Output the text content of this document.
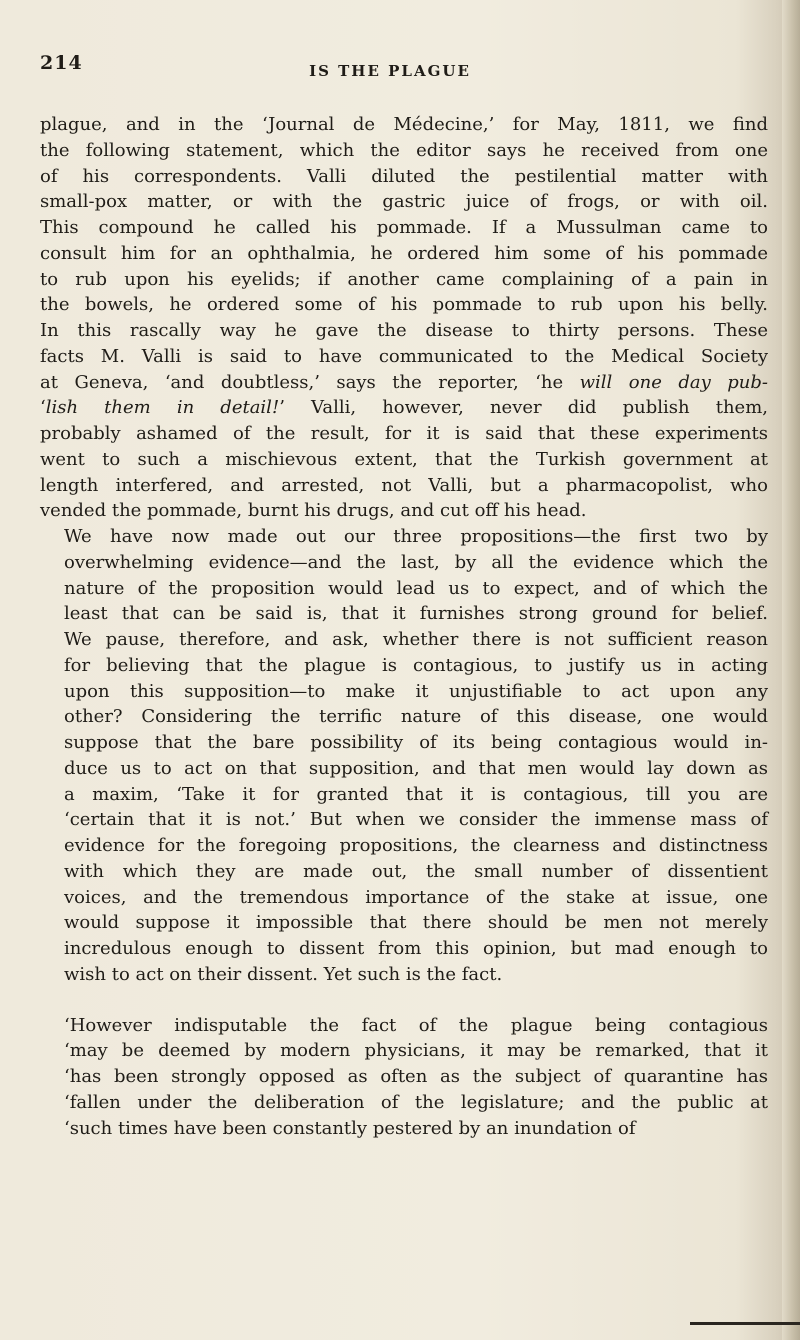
214	IS THE PLAGUE
plague, and in the ‘Journal de Médecine,’ for May, 1811, we find
the following statement, which the editor says he received from one
of his correspondents. Valli diluted the pestilential matter with
small-pox matter, or with the gastric juice of frogs, or with oil.
This compound he called his pommade. If a Mussulman came to
consult him for an ophthalmia, he ordered him some of his pommade
to rub upon his eyelids; if another came complaining of a pain in
the bowels, he ordered some of his pommade to rub upon his belly.
In this rascally way he gave the disease to thirty persons. These
facts M. Valli is said to have communicated to the Medical Society
at Geneva, ‘and doubtless,’ says the reporter, ‘he will one day pub-
‘lish them in detail!’ Valli, however, never did publish them,
probably ashamed of the result, for it is said that these experiments
went to such a mischievous extent, that the Turkish government at
length interfered, and arrested, not Valli, but a pharmacopolist, who
vended the pommade, burnt his drugs, and cut off his head.
We have now made out our three propositions—the first two by
overwhelming evidence—and the last, by all the evidence which the
nature of the proposition would lead us to expect, and of which the
least that can be said is, that it furnishes strong ground for belief.
We pause, therefore, and ask, whether there is not sufficient reason
for believing that the plague is contagious, to justify us in acting
upon this supposition—to make it unjustifiable to act upon any
other? Considering the terrific nature of this disease, one would
suppose that the bare possibility of its being contagious would in-
duce us to act on that supposition, and that men would lay down as
a maxim, ‘Take it for granted that it is contagious, till you are
‘certain that it is not.’ But when we consider the immense mass of
evidence for the foregoing propositions, the clearness and distinctness
with which they are made out, the small number of dissentient
voices, and the tremendous importance of the stake at issue, one
would suppose it impossible that there should be men not merely
incredulous enough to dissent from this opinion, but mad enough to
wish to act on their dissent. Yet such is the fact.
‘However indisputable the fact of the plague being contagious
‘may be deemed by modern physicians, it may be remarked, that it
‘has been strongly opposed as often as the subject of quarantine has
‘fallen under the deliberation of the legislature; and the public at
‘such times have been constantly pestered by an inundation of
